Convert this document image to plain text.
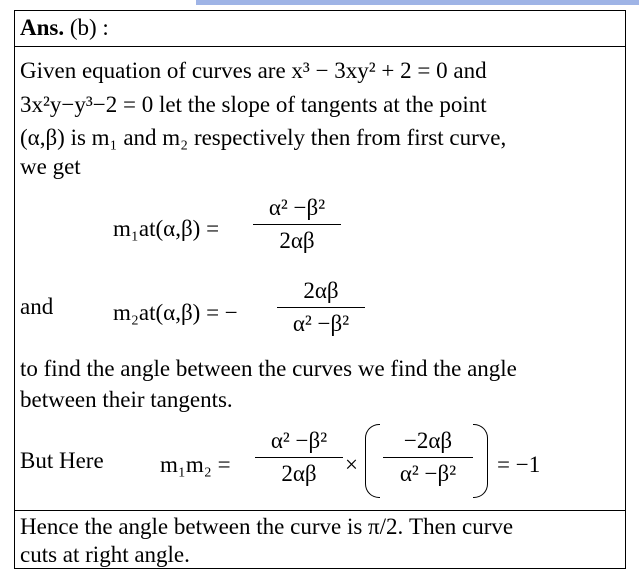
Ans. (b) :
Given equation of curves are x³ − 3xy² + 2 = 0 and
3x²y−y³−2 = 0 let the slope of tangents at the point
(α,β) is m₁ and m₂ respectively then from first curve,
we get
m₁at(α,β) =
α² −β²
2αβ
and	m₂at(α,β) = −
2αβ
α² −β²
to find the angle between the curves we find the angle
between their tangents.
But Here m₁m₂ =
α² −β²
2αβ	×
−2αβ
α² −β²	= −1
Hence the angle between the curve is π/2. Then curve
cuts at right angle.
